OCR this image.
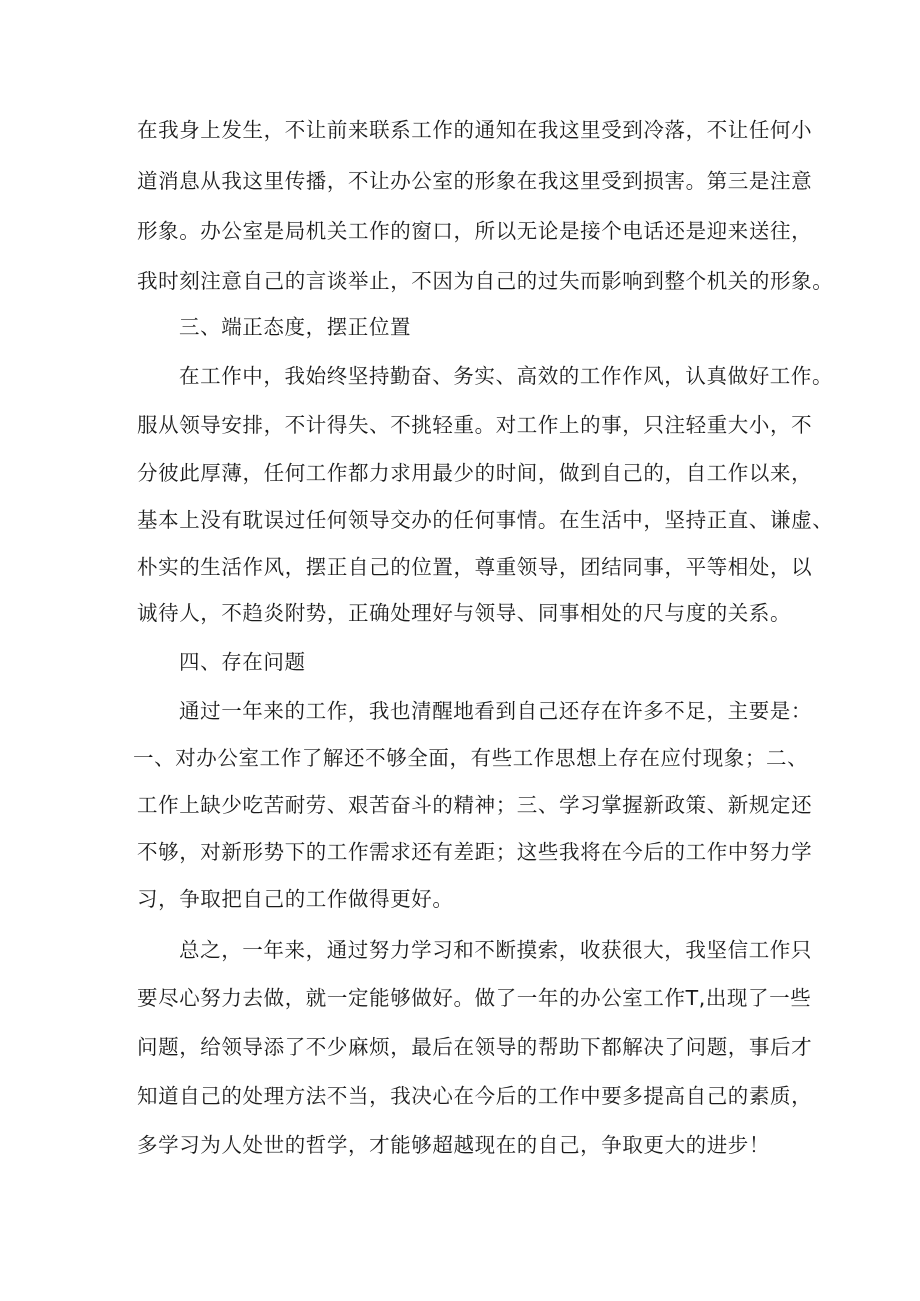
在我身上发生，不让前来联系工作的通知在我这里受到冷落，不让任何小
道消息从我这里传播，不让办公室的形象在我这里受到损害。第三是注意
形象。办公室是局机关工作的窗口，所以无论是接个电话还是迎来送往，
我时刻注意自己的言谈举止，不因为自己的过失而影响到整个机关的形象。
三、端正态度，摆正位置
在工作中，我始终坚持勤奋、务实、高效的工作作风，认真做好工作。
服从领导安排，不计得失、不挑轻重。对工作上的事，只注轻重大小，不
分彼此厚薄，任何工作都力求用最少的时间，做到自己的，自工作以来，
基本上没有耽误过任何领导交办的任何事情。在生活中，坚持正直、谦虚、
朴实的生活作风，摆正自己的位置，尊重领导，团结同事，平等相处，以
诚待人，不趋炎附势，正确处理好与领导、同事相处的尺与度的关系。
四、存在问题
通过一年来的工作，我也清醒地看到自己还存在许多不足，主要是：
一、对办公室工作了解还不够全面，有些工作思想上存在应付现象；二、
工作上缺少吃苦耐劳、艰苦奋斗的精神；三、学习掌握新政策、新规定还
不够，对新形势下的工作需求还有差距；这些我将在今后的工作中努力学
习，争取把自己的工作做得更好。
总之，一年来，通过努力学习和不断摸索，收获很大，我坚信工作只
要尽心努力去做，就一定能够做好。做了一年的办公室工作T,出现了一些
问题，给领导添了不少麻烦，最后在领导的帮助下都解决了问题，事后才
知道自己的处理方法不当，我决心在今后的工作中要多提高自己的素质，
多学习为人处世的哲学，才能够超越现在的自己，争取更大的进步！
